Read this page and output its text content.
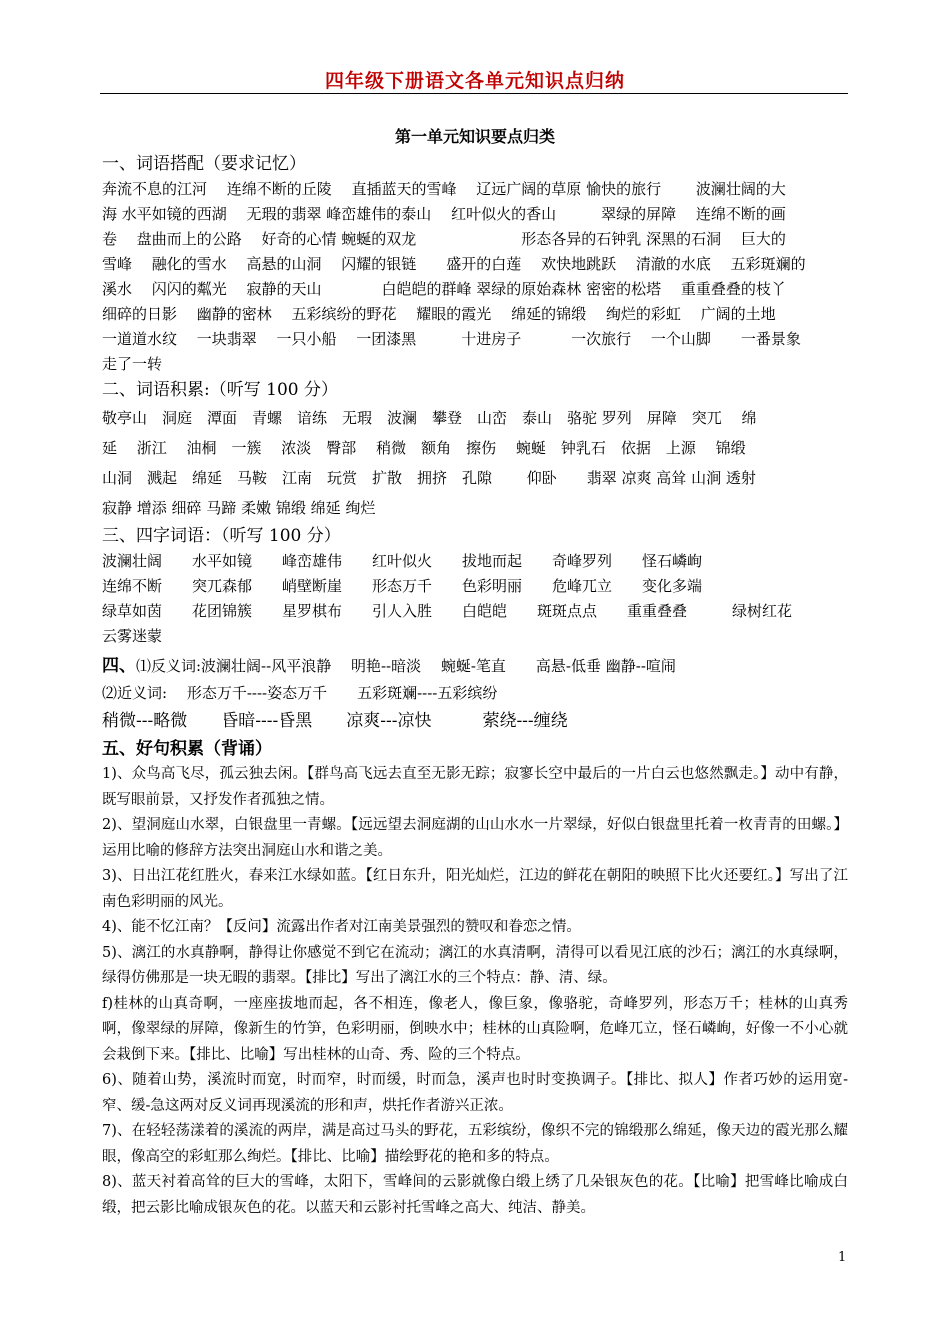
四年级下册语文各单元知识点归纳
第一单元知识要点归类
一、词语搭配（要求记忆）
奔流不息的江河　 连绵不断的丘陵　 直插蓝天的雪峰　 辽远广阔的草原 愉快的旅行　　 波澜壮阔的大
海 水平如镜的西湖　 无瑕的翡翠 峰峦雄伟的泰山　 红叶似火的香山　　　翠绿的屏障　 连绵不断的画
卷　 盘曲而上的公路　 好奇的心情 蜿蜒的双龙　　　　　　　形态各异的石钟乳 深黑的石洞　 巨大的
雪峰　 融化的雪水　 高悬的山洞　 闪耀的银链　　盛开的白莲　 欢快地跳跃　 清澈的水底　 五彩斑斓的
溪水　 闪闪的粼光　 寂静的天山　　　　白皑皑的群峰 翠绿的原始森林 密密的松塔　 重重叠叠的枝丫
细碎的日影　 幽静的密林　 五彩缤纷的野花　 耀眼的霞光　 绵延的锦缎　 绚烂的彩虹　 广阔的土地
一道道水纹　 一块翡翠　 一只小船　 一团漆黑　　　十进房子　　　 一次旅行　 一个山脚　　一番景象
走了一转
二、词语积累:（听写 100 分）
敬亭山　洞庭　潭面　青螺　谙练　无瑕　波澜　攀登　山峦　泰山　骆驼 罗列　屏障　突兀　 绵
延　 浙江　 油桐　一簇　 浓淡　臀部　 稍微　额角　擦伤　 蜿蜒　钟乳石　依据　上源　 锦缎
山洞　溅起　绵延　马鞍　江南　玩赏　扩散　拥挤　孔隙　　 仰卧　　翡翠 凉爽 高耸 山涧 透射
寂静 增添 细碎 马蹄 柔嫩 锦缎 绵延 绚烂
三、四字词语：（听写 100 分）
波澜壮阔　　水平如镜　　峰峦雄伟　　红叶似火　　拔地而起　　奇峰罗列　　怪石嶙峋
连绵不断　　突兀森郁　　峭壁断崖　　形态万千　　色彩明丽　　危峰兀立　　变化多端
绿草如茵　　花团锦簇　　星罗棋布　　引人入胜　　白皑皑　　斑斑点点　　重重叠叠　　　绿树红花
云雾迷蒙
四、⑴反义词:波澜壮阔--风平浪静　 明艳--暗淡　 蜿蜒-笔直　　高悬-低垂 幽静--喧闹
⑵近义词:　 形态万千----姿态万千　　五彩斑斓----五彩缤纷
稍微---略微　　昏暗----昏黑　　凉爽---凉快　　　萦绕---缠绕
五、好句积累（背诵）
1)、众鸟高飞尽，孤云独去闲。【群鸟高飞远去直至无影无踪；寂寥长空中最后的一片白云也悠然飘走。】动中有静，既写眼前景，又抒发作者孤独之情。
2)、望洞庭山水翠，白银盘里一青螺。【远远望去洞庭湖的山山水水一片翠绿，好似白银盘里托着一枚青青的田螺。】运用比喻的修辞方法突出洞庭山水和谐之美。
3)、日出江花红胜火，春来江水绿如蓝。【红日东升，阳光灿烂，江边的鲜花在朝阳的映照下比火还要红。】写出了江南色彩明丽的风光。
4)、能不忆江南？【反问】流露出作者对江南美景强烈的赞叹和眷恋之情。
5)、漓江的水真静啊，静得让你感觉不到它在流动；漓江的水真清啊，清得可以看见江底的沙石；漓江的水真绿啊，绿得仿佛那是一块无暇的翡翠。【排比】写出了漓江水的三个特点：静、清、绿。
f)桂林的山真奇啊，一座座拔地而起，各不相连，像老人，像巨象，像骆驼，奇峰罗列，形态万千；桂林的山真秀啊，像翠绿的屏障，像新生的竹笋，色彩明丽，倒映水中；桂林的山真险啊，危峰兀立，怪石嶙峋，好像一不小心就会栽倒下来。【排比、比喻】写出桂林的山奇、秀、险的三个特点。
6)、随着山势，溪流时而宽，时而窄，时而缓，时而急，溪声也时时变换调子。【排比、拟人】作者巧妙的运用宽-窄、缓-急这两对反义词再现溪流的形和声，烘托作者游兴正浓。
7)、在轻轻荡漾着的溪流的两岸，满是高过马头的野花，五彩缤纷，像织不完的锦缎那么绵延，像天边的霞光那么耀眼，像高空的彩虹那么绚烂。【排比、比喻】描绘野花的艳和多的特点。
8)、蓝天衬着高耸的巨大的雪峰，太阳下，雪峰间的云影就像白缎上绣了几朵银灰色的花。【比喻】把雪峰比喻成白缎，把云影比喻成银灰色的花。以蓝天和云影衬托雪峰之高大、纯洁、静美。
1
